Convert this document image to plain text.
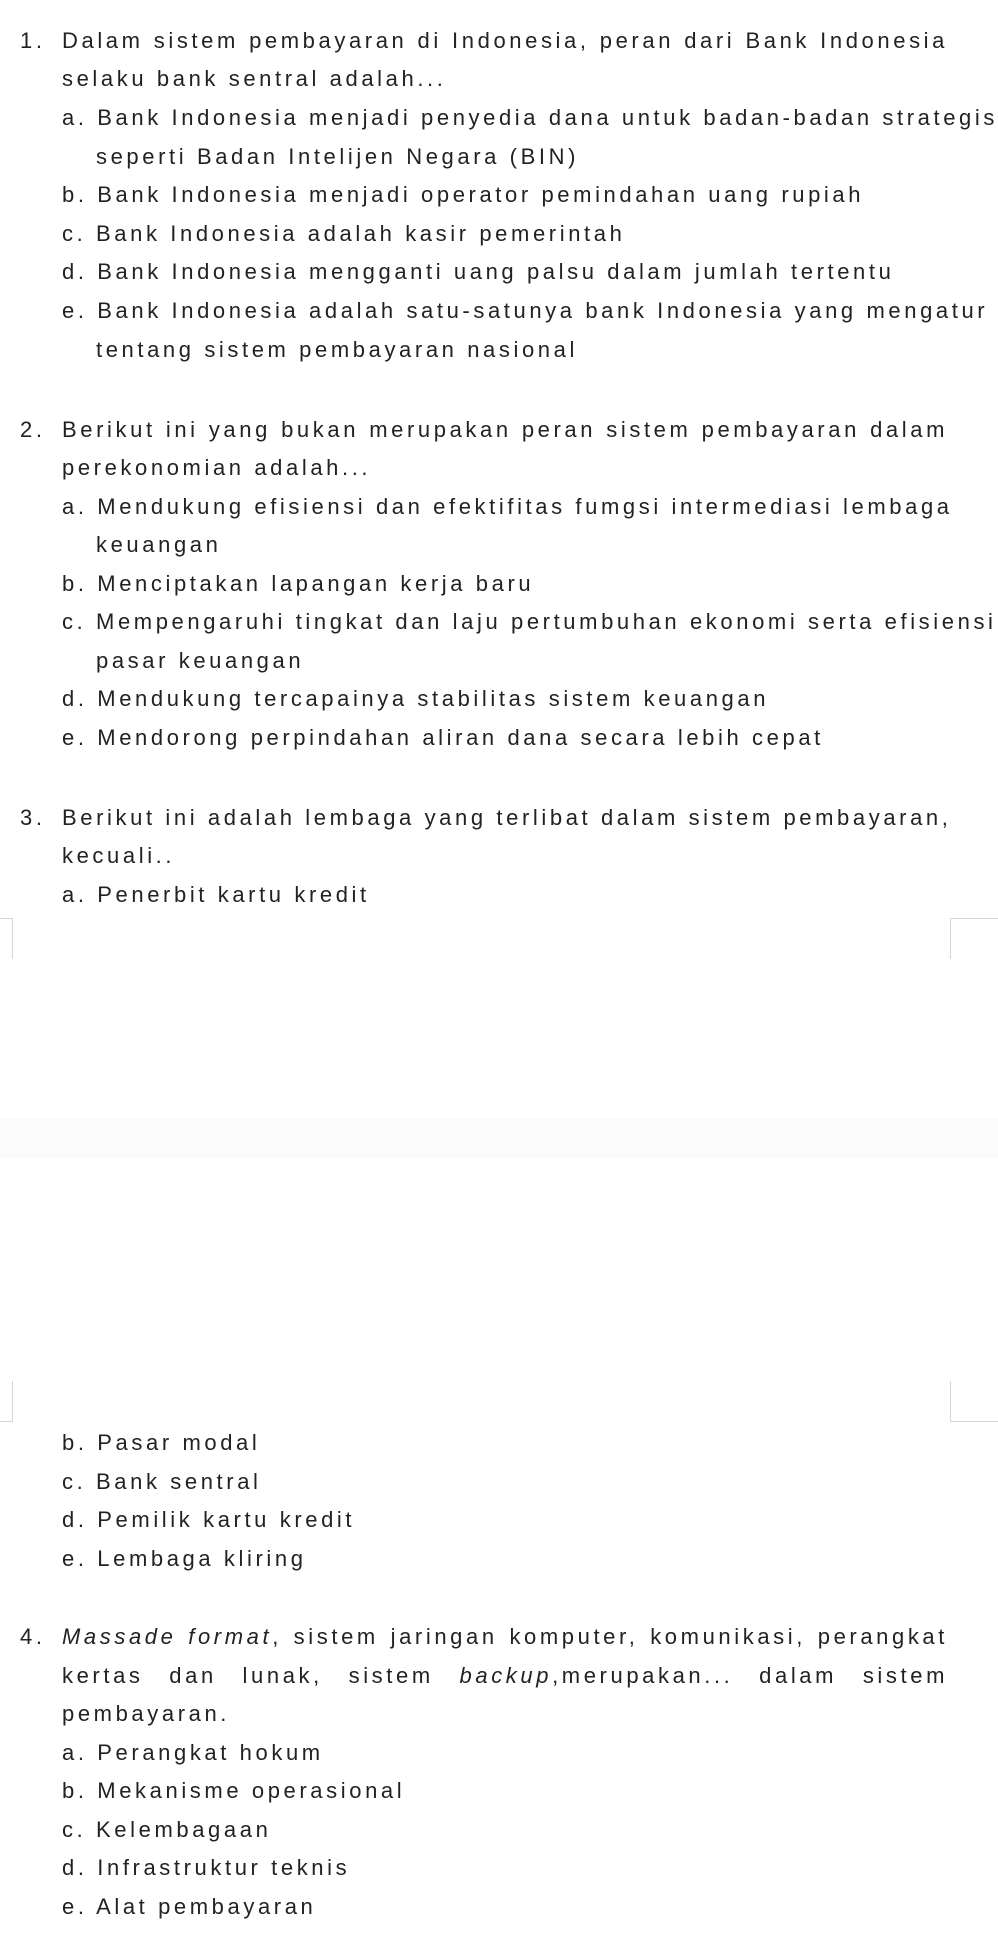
1. Dalam sistem pembayaran di Indonesia, peran dari Bank Indonesia
selaku bank sentral adalah...
a. Bank Indonesia menjadi penyedia dana untuk badan-badan strategis
seperti Badan Intelijen Negara (BIN)
b. Bank Indonesia menjadi operator pemindahan uang rupiah
c. Bank Indonesia adalah kasir pemerintah
d. Bank Indonesia mengganti uang palsu dalam jumlah tertentu
e. Bank Indonesia adalah satu-satunya bank Indonesia yang mengatur
tentang sistem pembayaran nasional
2. Berikut ini yang bukan merupakan peran sistem pembayaran dalam
perekonomian adalah...
a. Mendukung efisiensi dan efektifitas fumgsi intermediasi lembaga
keuangan
b. Menciptakan lapangan kerja baru
c. Mempengaruhi tingkat dan laju pertumbuhan ekonomi serta efisiensi
pasar keuangan
d. Mendukung tercapainya stabilitas sistem keuangan
e. Mendorong perpindahan aliran dana secara lebih cepat
3. Berikut ini adalah lembaga yang terlibat dalam sistem pembayaran,
kecuali..
a. Penerbit kartu kredit
b. Pasar modal
c. Bank sentral
d. Pemilik kartu kredit
e. Lembaga kliring
4. Massade format, sistem jaringan komputer, komunikasi, perangkat
kertas dan lunak, sistem backup,merupakan... dalam sistem
pembayaran.
a. Perangkat hokum
b. Mekanisme operasional
c. Kelembagaan
d. Infrastruktur teknis
e. Alat pembayaran
